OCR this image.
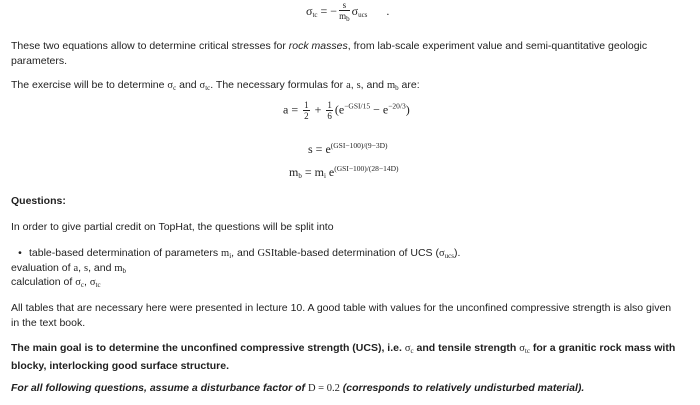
$\sigma_{tc}$ = − $\frac{s}{m_b} \sigma_{ucs}$ .
These two equations allow to determine critical stresses for rock masses, from lab-scale experiment value and semi-quantitative geologic parameters.
The exercise will be to determine $\sigma_c$ and $\sigma_{tc}$. The necessary formulas for a, s, and $m_b$ are:
$a = \frac{1}{2} + \frac{1}{6} (e^{-GSI/15} - e^{-20/3})$
$s = e^{(GSI-100)/(9-3D)}$
$m_b = m_i$ $e^{(GSI-100)/(28-14D)}$
Questions:
In order to give partial credit on TopHat, the questions will be split into
• table-based determination of parameters $m_i$, and GSItable-based determination of UCS $(\sigma_{ucs})$.
evaluation of a, s, and $m_b$
calculation of $\sigma_c$, $\sigma_{tc}$
All tables that are necessary here were presented in lecture 10. A good table with values for the unconfined compressive strength is also given in the text book.
The main goal is to determine the unconfined compressive strength (UCS), i.e. $\sigma_c$ and tensile strength $\sigma_{tc}$ for a granitic rock mass with blocky, interlocking good surface structure.
For all following questions, assume a disturbance factor of D = 0.2 (corresponds to relatively undisturbed material).
